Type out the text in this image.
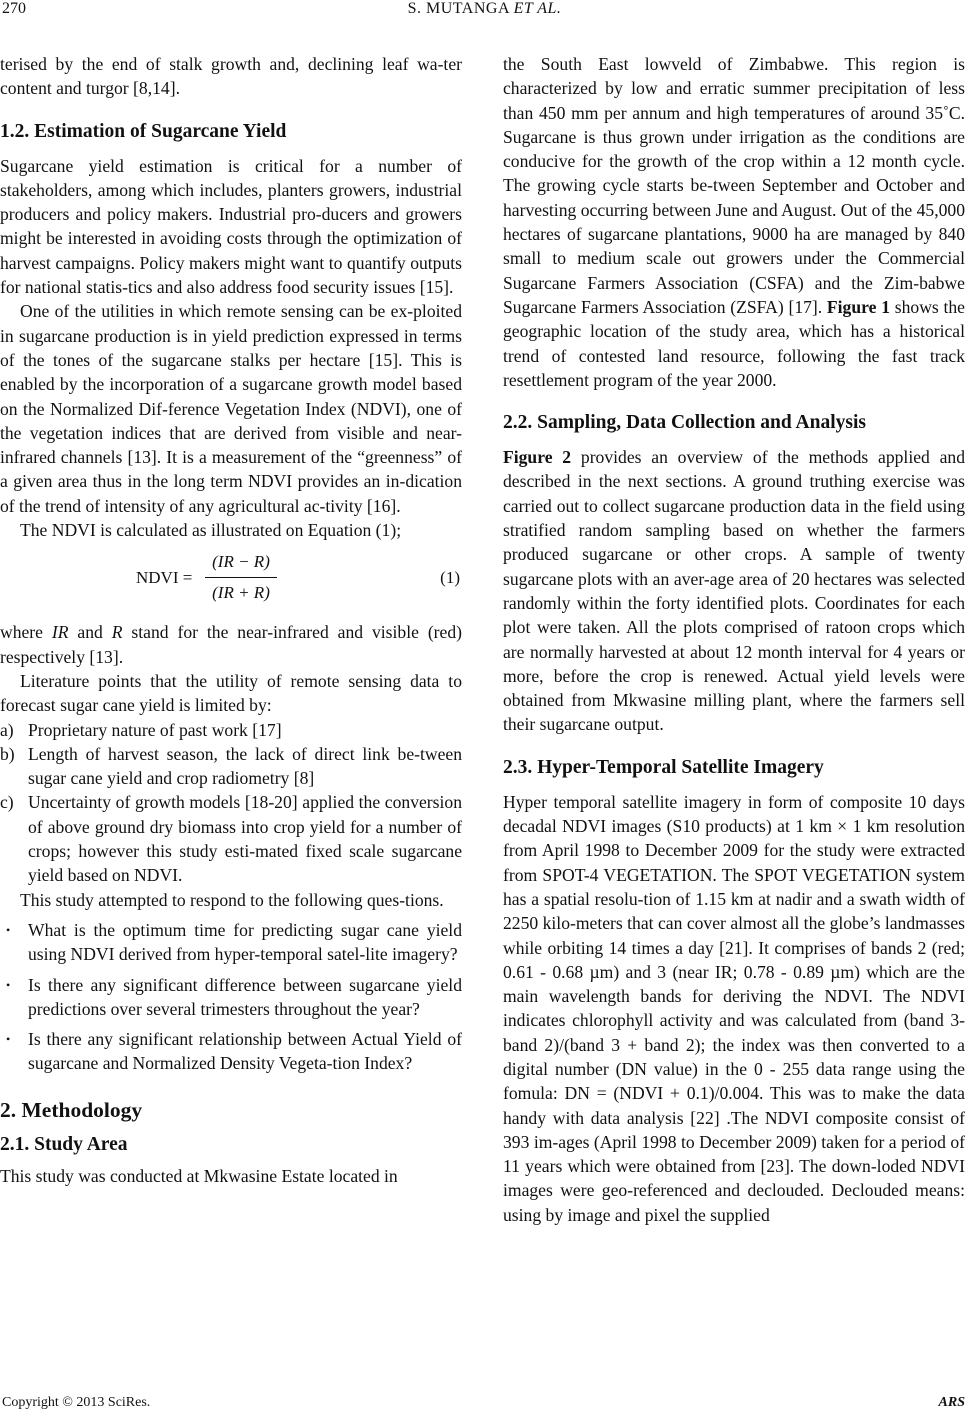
270	S. MUTANGA ET AL.

terised by the end of stalk growth and, declining leaf wa-ter content and turgor [8,14].

1.2. Estimation of Sugarcane Yield

Sugarcane yield estimation is critical for a number of stakeholders, among which includes, planters growers, industrial producers and policy makers. Industrial pro-ducers and growers might be interested in avoiding costs through the optimization of harvest campaigns. Policy makers might want to quantify outputs for national statis-tics and also address food security issues [15].

One of the utilities in which remote sensing can be ex-ploited in sugarcane production is in yield prediction expressed in terms of the tones of the sugarcane stalks per hectare [15]. This is enabled by the incorporation of a sugarcane growth model based on the Normalized Dif-ference Vegetation Index (NDVI), one of the vegetation indices that are derived from visible and near-infrared channels [13]. It is a measurement of the “greenness” of a given area thus in the long term NDVI provides an in-dication of the trend of intensity of any agricultural ac-tivity [16].

The NDVI is calculated as illustrated on Equation (1);

NDVI =
(IR − R)
(IR + R)
(1)

where IR and R stand for the near-infrared and visible (red) respectively [13].

Literature points that the utility of remote sensing data to forecast sugar cane yield is limited by:

a) Proprietary nature of past work [17]
b) Length of harvest season, the lack of direct link be-tween sugar cane yield and crop radiometry [8]
c) Uncertainty of growth models [18-20] applied the conversion of above ground dry biomass into crop yield for a number of crops; however this study esti-mated fixed scale sugarcane yield based on NDVI.

This study attempted to respond to the following ques-tions.

• What is the optimum time for predicting sugar cane yield using NDVI derived from hyper-temporal satel-lite imagery?
• Is there any significant difference between sugarcane yield predictions over several trimesters throughout the year?
• Is there any significant relationship between Actual Yield of sugarcane and Normalized Density Vegeta-tion Index?
2. Methodology
2.1. Study Area

This study was conducted at Mkwasine Estate located in

the South East lowveld of Zimbabwe. This region is characterized by low and erratic summer precipitation of less than 450 mm per annum and high temperatures of around 35˚C. Sugarcane is thus grown under irrigation as the conditions are conducive for the growth of the crop within a 12 month cycle. The growing cycle starts be-tween September and October and harvesting occurring between June and August. Out of the 45,000 hectares of sugarcane plantations, 9000 ha are managed by 840 small to medium scale out growers under the Commercial Sugarcane Farmers Association (CSFA) and the Zim-babwe Sugarcane Farmers Association (ZSFA) [17]. Figure 1 shows the geographic location of the study area, which has a historical trend of contested land resource, following the fast track resettlement program of the year 2000.

2.2. Sampling, Data Collection and Analysis

Figure 2 provides an overview of the methods applied and described in the next sections. A ground truthing exercise was carried out to collect sugarcane production data in the field using stratified random sampling based on whether the farmers produced sugarcane or other crops. A sample of twenty sugarcane plots with an aver-age area of 20 hectares was selected randomly within the forty identified plots. Coordinates for each plot were taken. All the plots comprised of ratoon crops which are normally harvested at about 12 month interval for 4 years or more, before the crop is renewed. Actual yield levels were obtained from Mkwasine milling plant, where the farmers sell their sugarcane output.

2.3. Hyper-Temporal Satellite Imagery

Hyper temporal satellite imagery in form of composite 10 days decadal NDVI images (S10 products) at 1 km × 1 km resolution from April 1998 to December 2009 for the study were extracted from SPOT-4 VEGETATION. The SPOT VEGETATION system has a spatial resolu-tion of 1.15 km at nadir and a swath width of 2250 kilo-meters that can cover almost all the globe’s landmasses while orbiting 14 times a day [21]. It comprises of bands 2 (red; 0.61 - 0.68 µm) and 3 (near IR; 0.78 - 0.89 µm) which are the main wavelength bands for deriving the NDVI. The NDVI indicates chlorophyll activity and was calculated from (band 3- band 2)/(band 3 + band 2); the index was then converted to a digital number (DN value) in the 0 - 255 data range using the fomula: DN = (NDVI + 0.1)/0.004. This was to make the data handy with data analysis [22] .The NDVI composite consist of 393 im-ages (April 1998 to December 2009) taken for a period of 11 years which were obtained from [23]. The down-loded NDVI images were geo-referenced and declouded. Declouded means: using by image and pixel the supplied

Copyright © 2013 SciRes.	ARS
